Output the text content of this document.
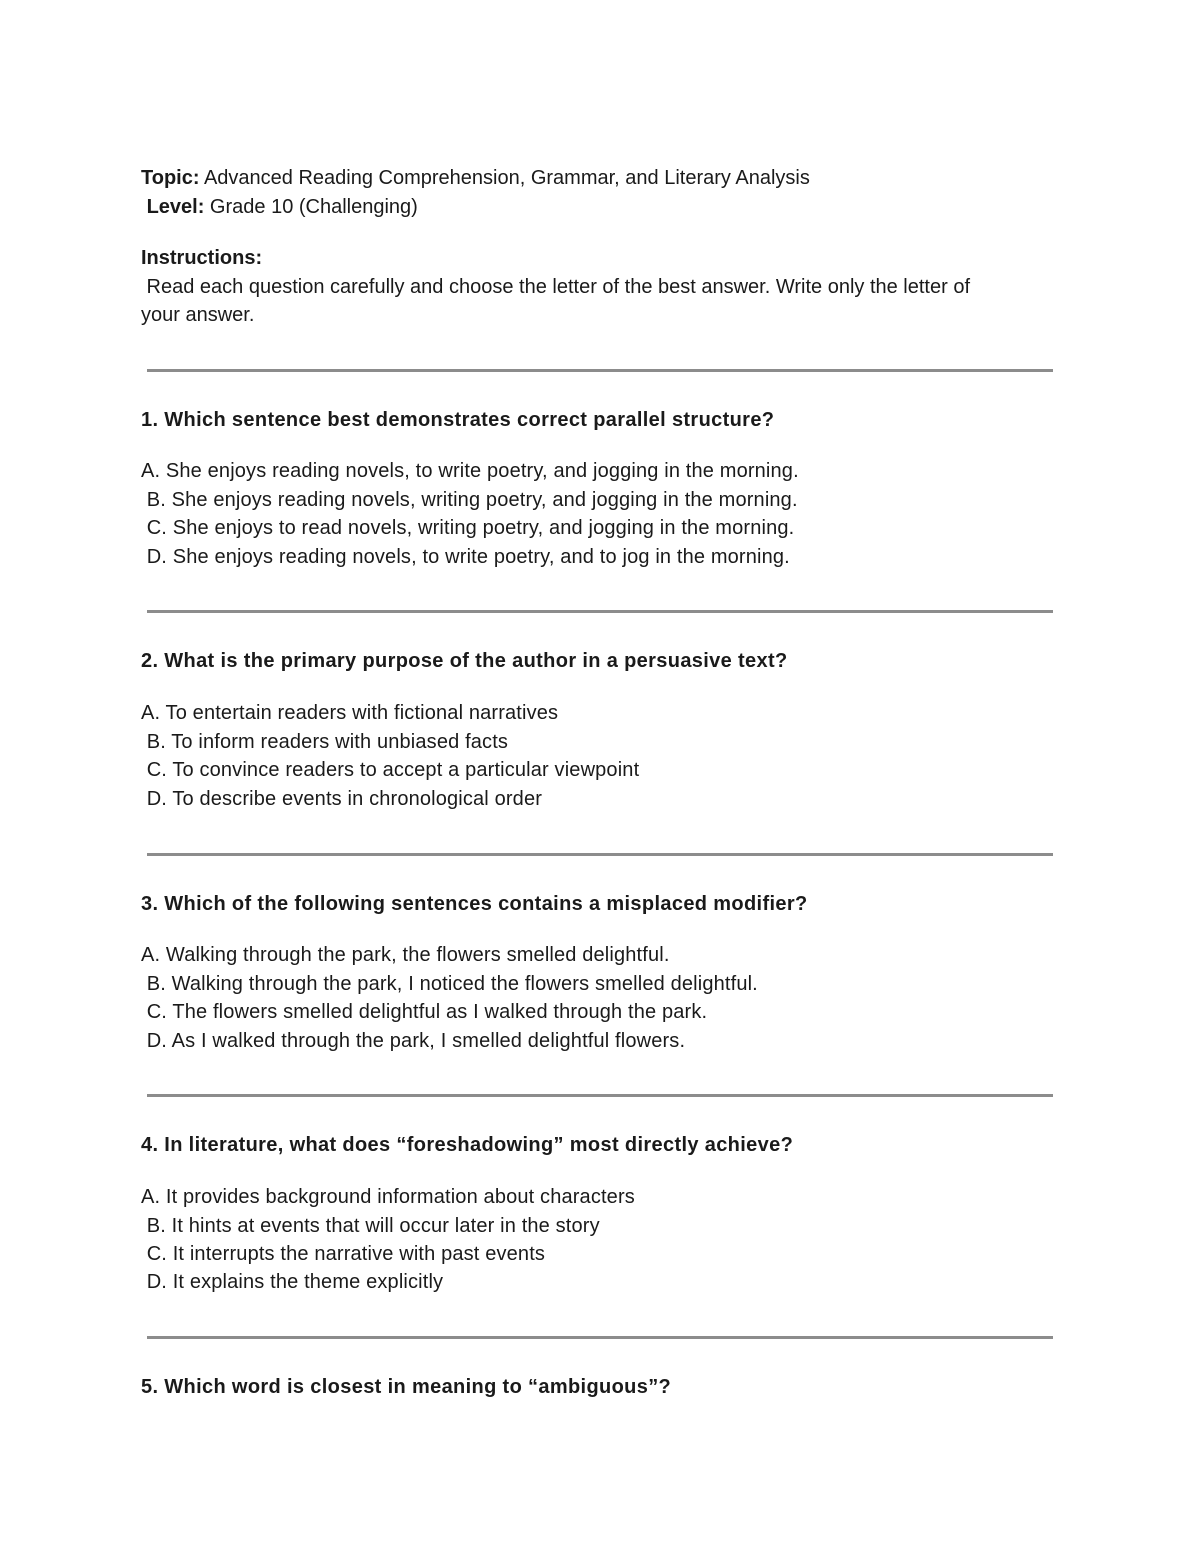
Topic: Advanced Reading Comprehension, Grammar, and Literary Analysis
Level: Grade 10 (Challenging)
Instructions:
Read each question carefully and choose the letter of the best answer. Write only the letter of
your answer.
1. Which sentence best demonstrates correct parallel structure?
A. She enjoys reading novels, to write poetry, and jogging in the morning.
B. She enjoys reading novels, writing poetry, and jogging in the morning.
C. She enjoys to read novels, writing poetry, and jogging in the morning.
D. She enjoys reading novels, to write poetry, and to jog in the morning.
2. What is the primary purpose of the author in a persuasive text?
A. To entertain readers with fictional narratives
B. To inform readers with unbiased facts
C. To convince readers to accept a particular viewpoint
D. To describe events in chronological order
3. Which of the following sentences contains a misplaced modifier?
A. Walking through the park, the flowers smelled delightful.
B. Walking through the park, I noticed the flowers smelled delightful.
C. The flowers smelled delightful as I walked through the park.
D. As I walked through the park, I smelled delightful flowers.
4. In literature, what does “foreshadowing” most directly achieve?
A. It provides background information about characters
B. It hints at events that will occur later in the story
C. It interrupts the narrative with past events
D. It explains the theme explicitly
5. Which word is closest in meaning to “ambiguous”?
